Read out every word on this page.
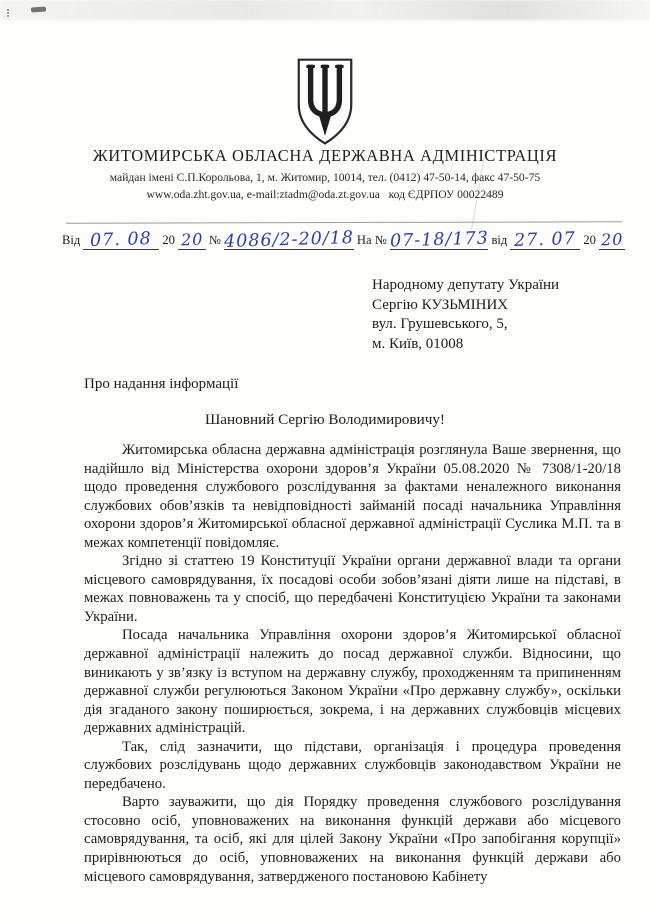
ЖИТОМИРСЬКА ОБЛАСНА ДЕРЖАВНА АДМІНІСТРАЦІЯ
майдан імені С.П.Корольова, 1, м. Житомир, 10014, тел. (0412) 47-50-14, факс 47-50-75
www.oda.zht.gov.ua, e-mail:ztadm@oda.zt.gov.ua   код ЄДРПОУ 00022489
Від 07. 08 20 20 № 4086/2-20/18 На № 07-18/173 від 27. 07 20 20
Народному депутату України
Сергію КУЗЬМІНИХ
вул. Грушевського, 5,
м. Київ, 01008
Про надання інформації
Шановний Сергію Володимировичу!

Житомирська обласна державна адміністрація розглянула Ваше звернення, що надійшло від Міністерства охорони здоров’я України 05.08.2020 № 7308/1-20/18 щодо проведення службового розслідування за фактами неналежного виконання службових обов’язків та невідповідності займаній посаді начальника Управління охорони здоров’я Житомирської обласної державної адміністрації Суслика М.П. та в межах компетенції повідомляє.

Згідно зі статтею 19 Конституції України органи державної влади та органи місцевого самоврядування, їх посадові особи зобов’язані діяти лише на підставі, в межах повноважень та у спосіб, що передбачені Конституцією України та законами України.

Посада начальника Управління охорони здоров’я Житомирської обласної державної адміністрації належить до посад державної служби. Відносини, що виникають у зв’язку із вступом на державну службу, проходженням та припиненням державної служби регулюються Законом України «Про державну службу», оскільки дія згаданого закону поширюється, зокрема, і на державних службовців місцевих державних адміністрацій.

Так, слід зазначити, що підстави, організація і процедура проведення службових розслідувань щодо державних службовців законодавством України не передбачено.

Варто зауважити, що дія Порядку проведення службового розслідування стосовно осіб, уповноважених на виконання функцій держави або місцевого самоврядування, та осіб, які для цілей Закону України «Про запобігання корупції» прирівнюються до осіб, уповноважених на виконання функцій держави або місцевого самоврядування, затвердженого постановою Кабінету
